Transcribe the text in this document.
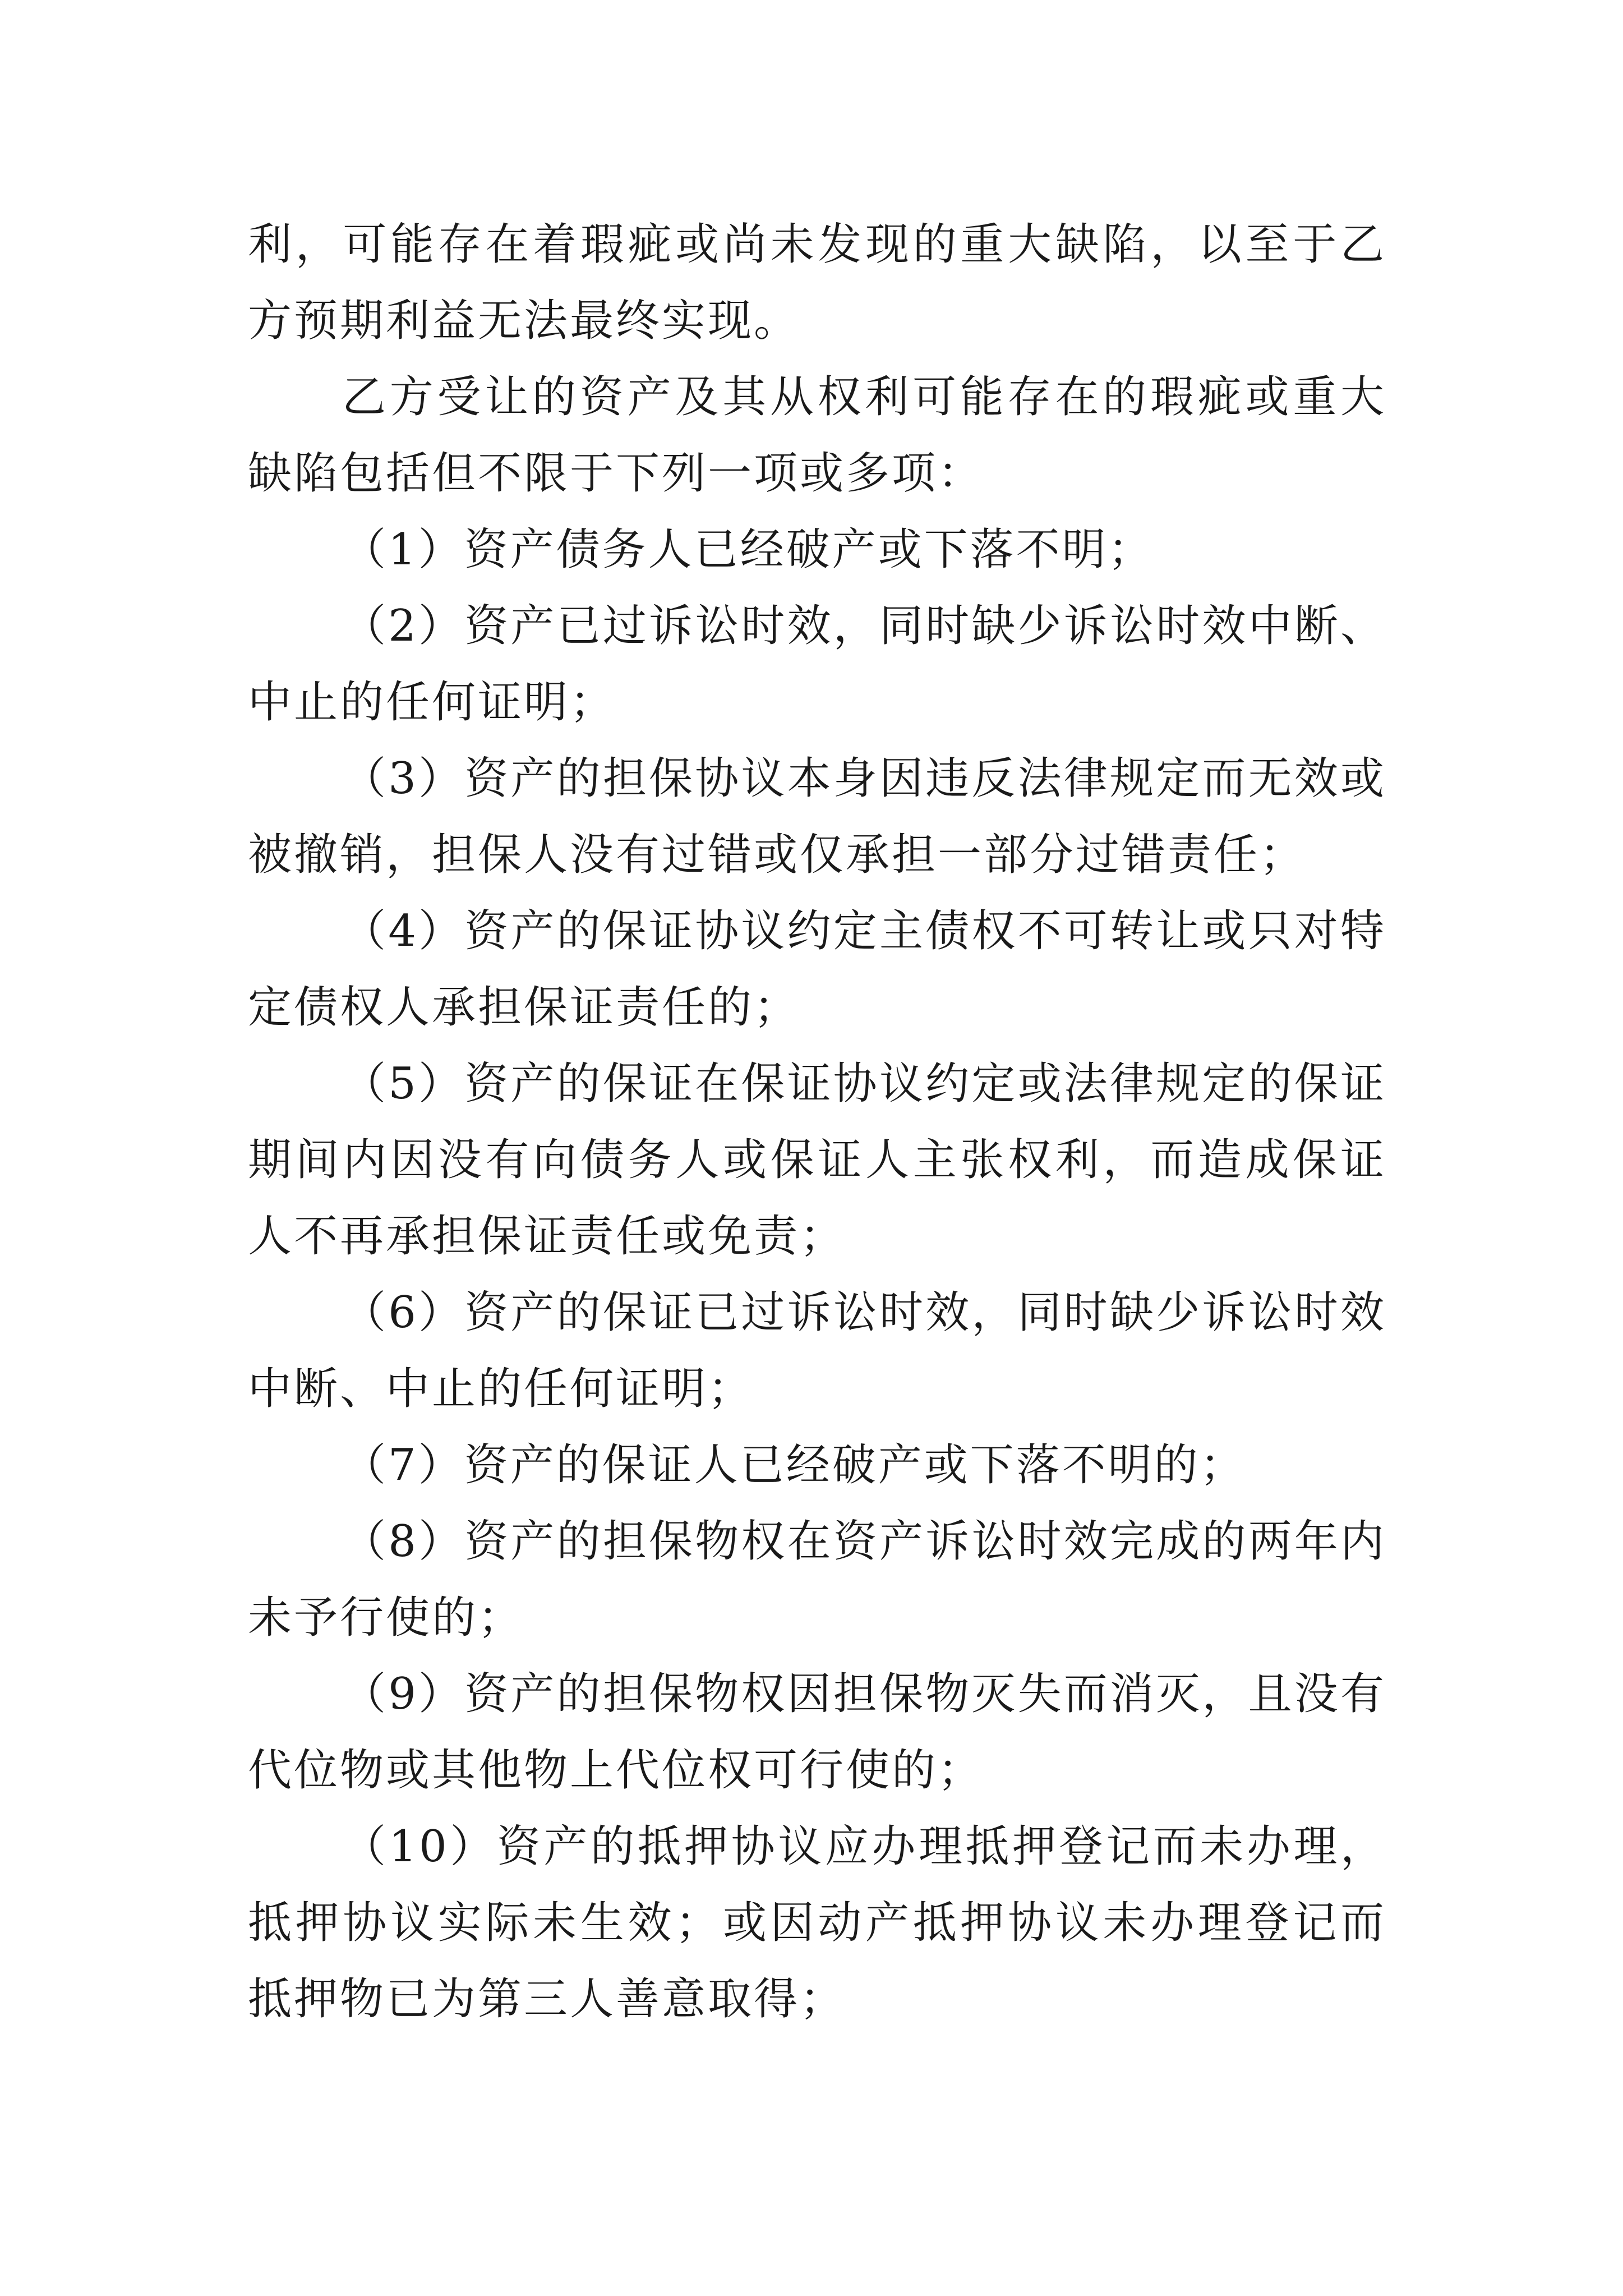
利，可能存在着瑕疵或尚未发现的重大缺陷，以至于乙方预期利益无法最终实现。

乙方受让的资产及其从权利可能存在的瑕疵或重大缺陷包括但不限于下列一项或多项：

（1）资产债务人已经破产或下落不明；

（2）资产已过诉讼时效，同时缺少诉讼时效中断、中止的任何证明；

（3）资产的担保协议本身因违反法律规定而无效或被撤销，担保人没有过错或仅承担一部分过错责任；

（4）资产的保证协议约定主债权不可转让或只对特定债权人承担保证责任的；

（5）资产的保证在保证协议约定或法律规定的保证期间内因没有向债务人或保证人主张权利，而造成保证人不再承担保证责任或免责；

（6）资产的保证已过诉讼时效，同时缺少诉讼时效中断、中止的任何证明；

（7）资产的保证人已经破产或下落不明的；

（8）资产的担保物权在资产诉讼时效完成的两年内未予行使的；

（9）资产的担保物权因担保物灭失而消灭，且没有代位物或其他物上代位权可行使的；

（10）资产的抵押协议应办理抵押登记而未办理，抵押协议实际未生效；或因动产抵押协议未办理登记而抵押物已为第三人善意取得；
